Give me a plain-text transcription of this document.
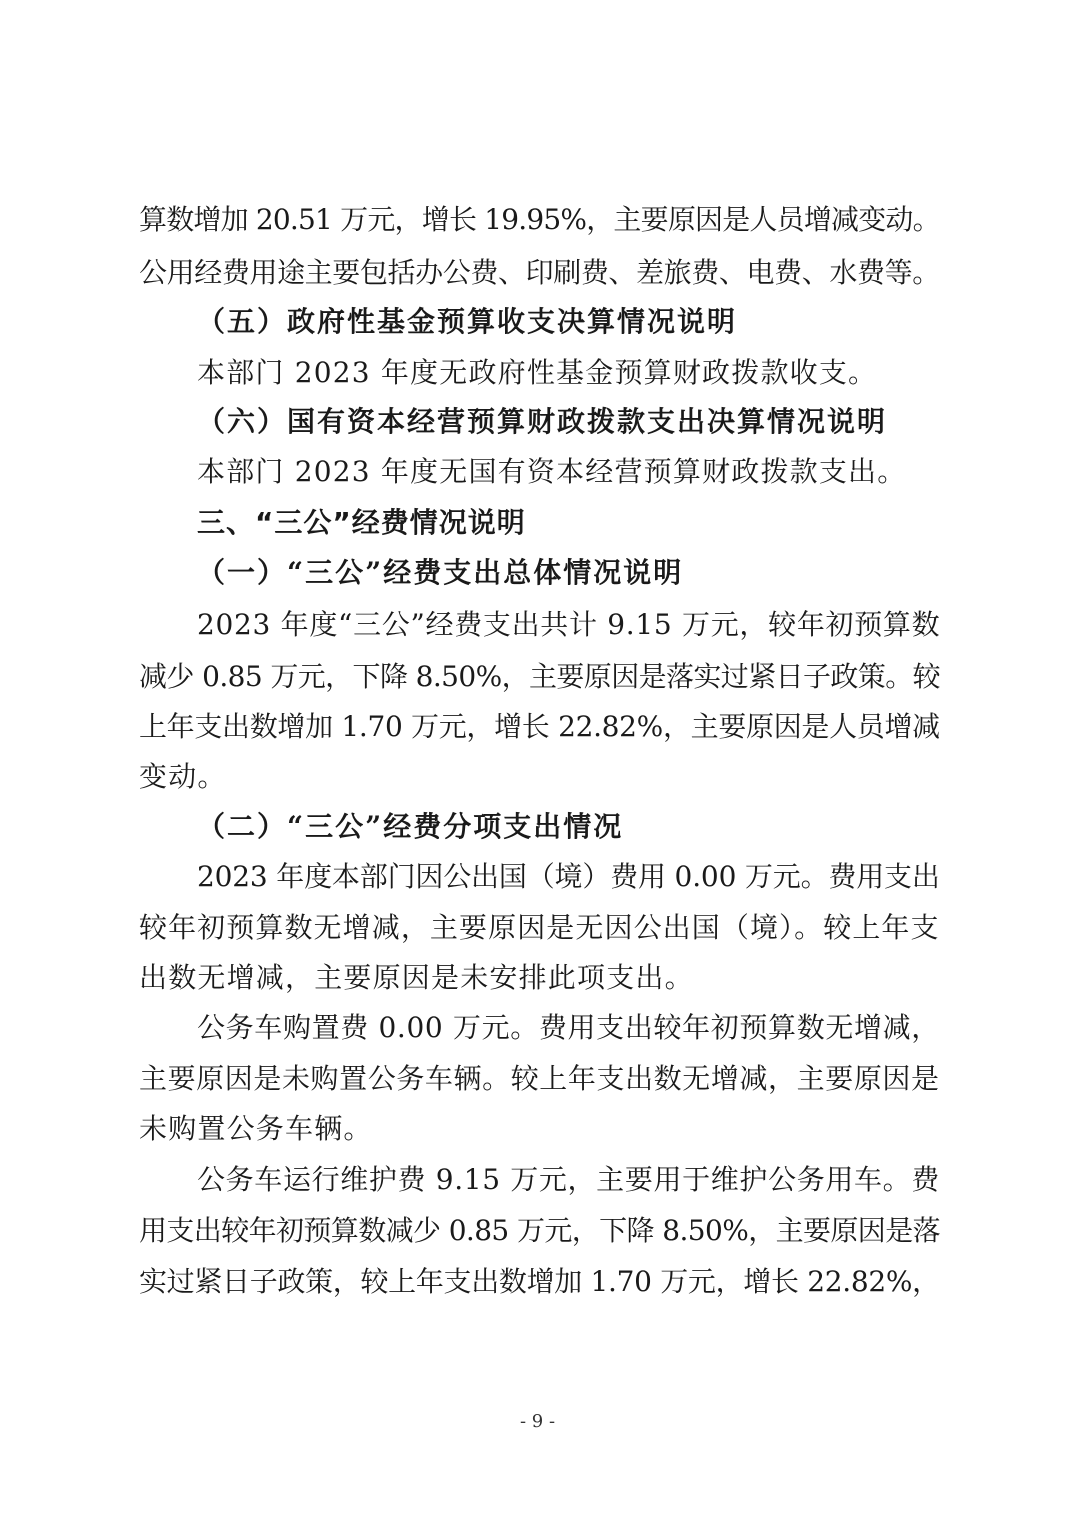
算数增加 20.51 万元，增长 19.95%，主要原因是人员增减变动。
公用经费用途主要包括办公费、印刷费、差旅费、电费、水费等。
（五）政府性基金预算收支决算情况说明
本部门 2023 年度无政府性基金预算财政拨款收支。
（六）国有资本经营预算财政拨款支出决算情况说明
本部门 2023 年度无国有资本经营预算财政拨款支出。
三、“三公”经费情况说明
（一）“三公”经费支出总体情况说明
2023 年度“三公”经费支出共计 9.15 万元，较年初预算数
减少 0.85 万元，下降 8.50%，主要原因是落实过紧日子政策。较
上年支出数增加 1.70 万元，增长 22.82%，主要原因是人员增减
变动。
（二）“三公”经费分项支出情况
2023 年度本部门因公出国（境）费用 0.00 万元。费用支出
较年初预算数无增减，主要原因是无因公出国（境）。较上年支
出数无增减，主要原因是未安排此项支出。
公务车购置费 0.00 万元。费用支出较年初预算数无增减，
主要原因是未购置公务车辆。较上年支出数无增减，主要原因是
未购置公务车辆。
公务车运行维护费 9.15 万元，主要用于维护公务用车。费
用支出较年初预算数减少 0.85 万元，下降 8.50%，主要原因是落
实过紧日子政策，较上年支出数增加 1.70 万元，增长 22.82%，
- 9 -
